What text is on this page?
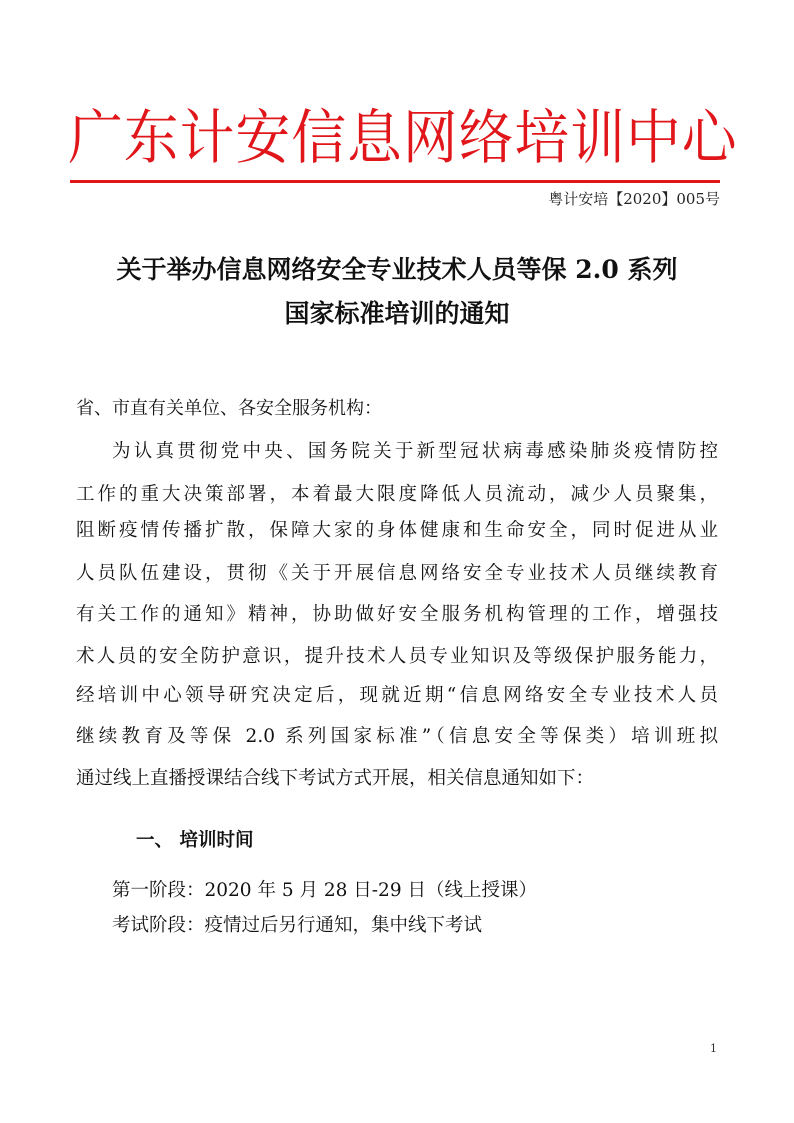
广东计安信息网络培训中心
粤计安培【2020】005号
关于举办信息网络安全专业技术人员等保 2.0 系列
国家标准培训的通知
省、市直有关单位、各安全服务机构：
为认真贯彻党中央、国务院关于新型冠状病毒感染肺炎疫情防控
工作的重大决策部署，本着最大限度降低人员流动，减少人员聚集，
阻断疫情传播扩散，保障大家的身体健康和生命安全，同时促进从业
人员队伍建设，贯彻《关于开展信息网络安全专业技术人员继续教育
有关工作的通知》精神，协助做好安全服务机构管理的工作，增强技
术人员的安全防护意识，提升技术人员专业知识及等级保护服务能力，
经培训中心领导研究决定后，现就近期“信息网络安全专业技术人员
继续教育及等保 2.0 系列国家标准”（信息安全等保类）培训班拟
通过线上直播授课结合线下考试方式开展，相关信息通知如下：
一、 培训时间
第一阶段：2020 年 5 月 28 日-29 日（线上授课）
考试阶段：疫情过后另行通知，集中线下考试
1
